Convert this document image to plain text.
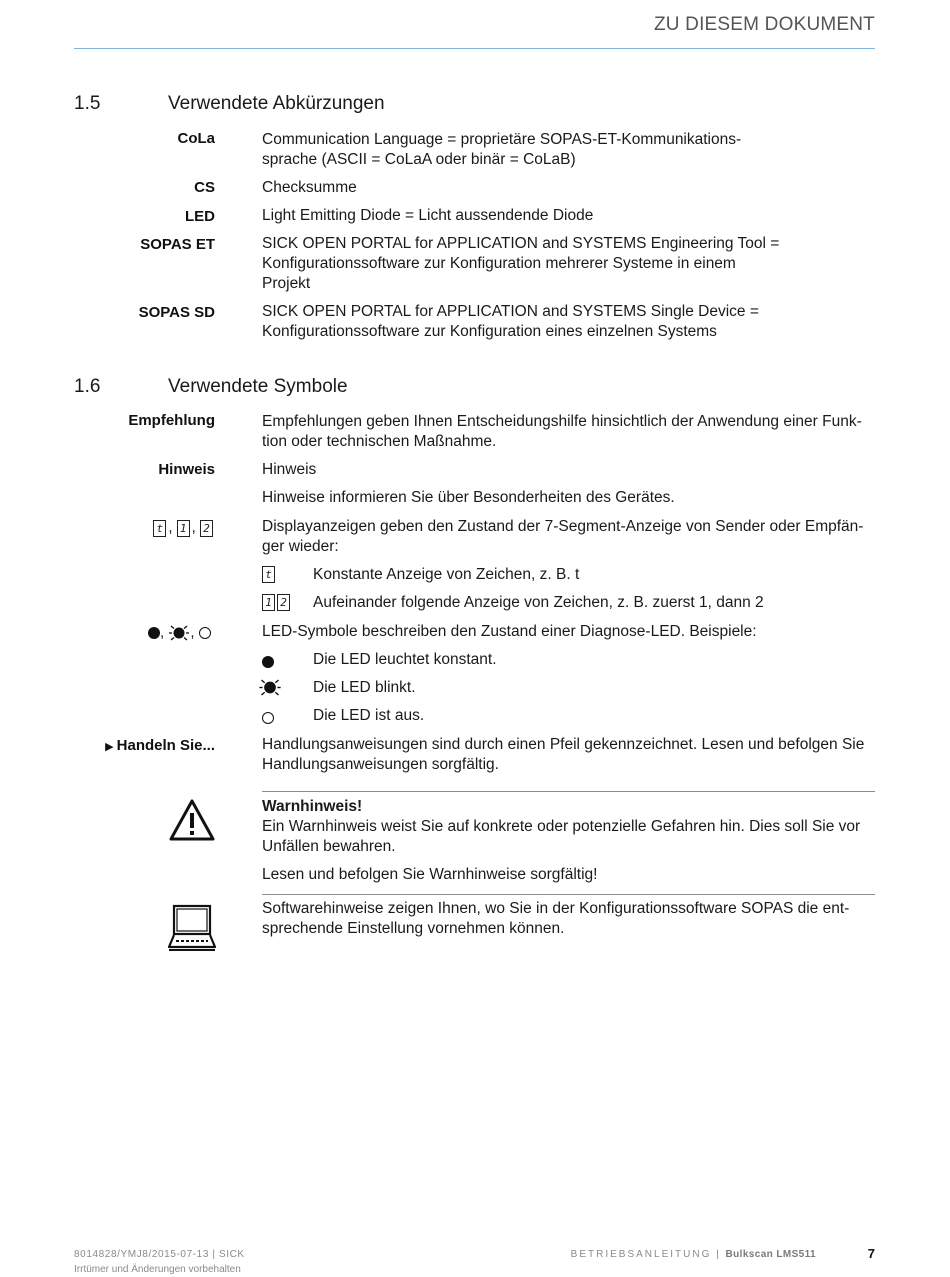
ZU DIESEM DOKUMENT
1.5	Verwendete Abkürzungen
CoLa	Communication Language = proprietäre SOPAS-ET-Kommunikations-
sprache (ASCII = CoLaA oder binär = CoLaB)
CS	Checksumme
LED	Light Emitting Diode = Licht aussendende Diode
SOPAS ET	SICK OPEN PORTAL for APPLICATION and SYSTEMS Engineering Tool =
Konfigurationssoftware zur Konfiguration mehrerer Systeme in einem
Projekt
SOPAS SD	SICK OPEN PORTAL for APPLICATION and SYSTEMS Single Device =
Konfigurationssoftware zur Konfiguration eines einzelnen Systems
1.6	Verwendete Symbole
Empfehlung	Empfehlungen geben Ihnen Entscheidungshilfe hinsichtlich der Anwendung einer Funk-
tion oder technischen Maßnahme.
Hinweis	Hinweis
Hinweise informieren Sie über Besonderheiten des Gerätes.
t , 1 , 2	Displayanzeigen geben den Zustand der 7-Segment-Anzeige von Sender oder Empfän-
ger wieder:
t	Konstante Anzeige von Zeichen, z. B. t
1 2	Aufeinander folgende Anzeige von Zeichen, z. B. zuerst 1, dann 2
, ,	LED-Symbole beschreiben den Zustand einer Diagnose-LED. Beispiele:
Die LED leuchtet konstant.
Die LED blinkt.
Die LED ist aus.
▶ Handeln Sie...	Handlungsanweisungen sind durch einen Pfeil gekennzeichnet. Lesen und befolgen Sie
Handlungsanweisungen sorgfältig.
Warnhinweis!
Ein Warnhinweis weist Sie auf konkrete oder potenzielle Gefahren hin. Dies soll Sie vor
Unfällen bewahren.
Lesen und befolgen Sie Warnhinweise sorgfältig!
Softwarehinweise zeigen Ihnen, wo Sie in der Konfigurationssoftware SOPAS die ent-
sprechende Einstellung vornehmen können.
8014828/YMJ8/2015-07-13 | SICK
Irrtümer und Änderungen vorbehalten
BETRIEBSANLEITUNG | Bulkscan LMS511	7
